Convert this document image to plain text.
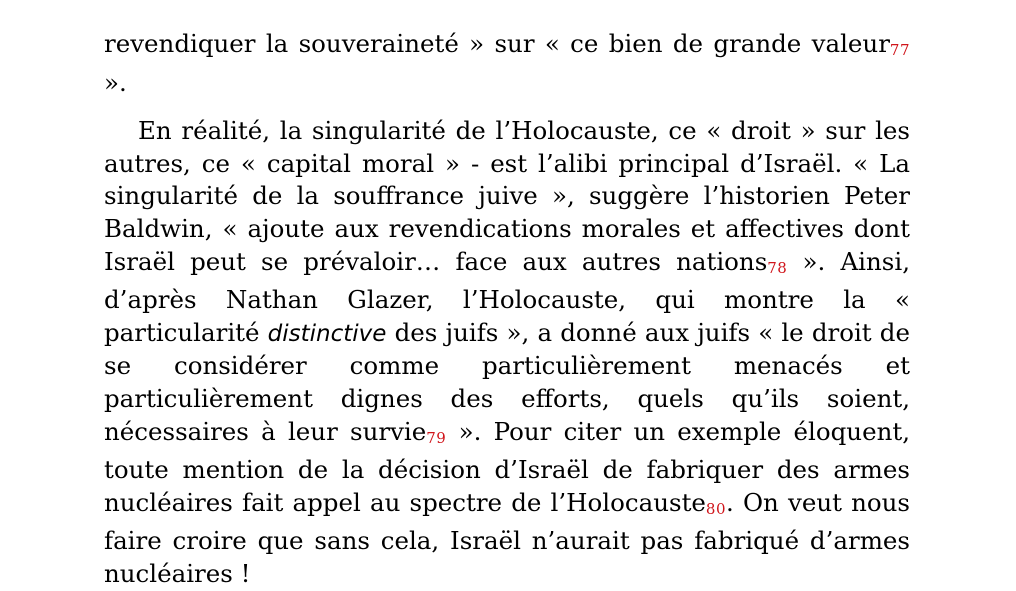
revendiquer la souveraineté » sur « ce bien de grande valeur77 ».

En réalité, la singularité de l’Holocauste, ce « droit » sur les autres, ce « capital moral » - est l’alibi principal d’Israël. « La singularité de la souffrance juive », suggère l’historien Peter Baldwin, « ajoute aux revendications morales et affectives dont Israël peut se prévaloir… face aux autres nations78 ». Ainsi, d’après Nathan Glazer, l’Holocauste, qui montre la « particularité distinctive des juifs », a donné aux juifs « le droit de se considérer comme particulièrement menacés et particulièrement dignes des efforts, quels qu’ils soient, nécessaires à leur survie79 ». Pour citer un exemple éloquent, toute mention de la décision d’Israël de fabriquer des armes nucléaires fait appel au spectre de l’Holocauste80. On veut nous faire croire que sans cela, Israël n’aurait pas fabriqué d’armes nucléaires !
